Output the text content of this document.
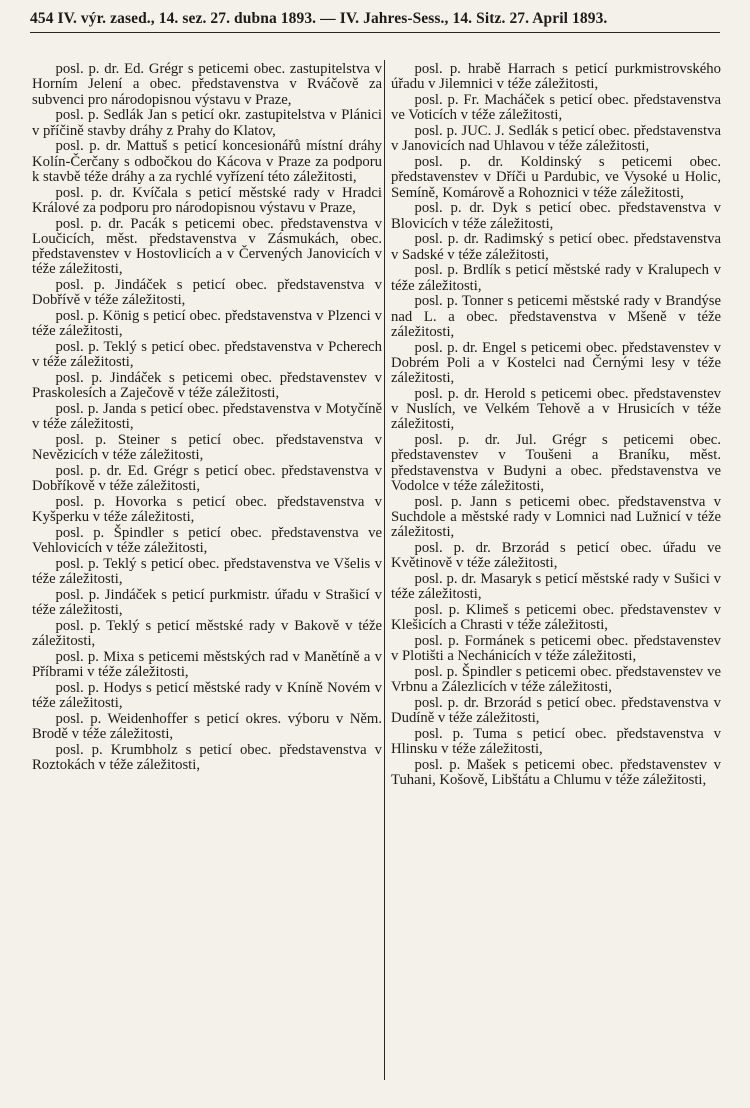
454 IV. výr. zased., 14. sez. 27. dubna 1893. — IV. Jahres-Sess., 14. Sitz. 27. April 1893.

posl. p. dr. Ed. Grégr s peticemi obec. zastupitelstva v Horním Jelení a obec. představenstva v Rváčově za subvenci pro národopisnou výstavu v Praze,

posl. p. Sedlák Jan s peticí okr. zastupitelstva v Plánici v příčině stavby dráhy z Prahy do Klatov,

posl. p. dr. Mattuš s peticí koncesionářů místní dráhy Kolín-Čerčany s odbočkou do Kácova v Praze za podporu k stavbě téže dráhy a za rychlé vyřízení této záležitosti,

posl. p. dr. Kvíčala s peticí městské rady v Hradci Králové za podporu pro národopisnou výstavu v Praze,

posl. p. dr. Pacák s peticemi obec. představenstva v Loučicích, měst. představenstva v Zásmukách, obec. představenstev v Hostovlicích a v Červených Janovicích v téže záležitosti,

posl. p. Jindáček s peticí obec. představenstva v Dobřívě v téže záležitosti,

posl. p. König s peticí obec. představenstva v Plzenci v téže záležitosti,

posl. p. Teklý s peticí obec. představenstva v Pcherech v téže záležitosti,

posl. p. Jindáček s peticemi obec. představenstev v Praskolesích a Zaječově v téže záležitosti,

posl. p. Janda s peticí obec. představenstva v Motyčíně v téže záležitosti,

posl. p. Steiner s peticí obec. představenstva v Nevězicích v téže záležitosti,

posl. p. dr. Ed. Grégr s peticí obec. představenstva v Dobříkově v téže záležitosti,

posl. p. Hovorka s peticí obec. představenstva v Kyšperku v téže záležitosti,

posl. p. Špindler s peticí obec. představenstva ve Vehlovicích v téže záležitosti,

posl. p. Teklý s peticí obec. představenstva ve Všelis v téže záležitosti,

posl. p. Jindáček s peticí purkmistr. úřadu v Strašicí v téže záležitosti,

posl. p. Teklý s peticí městské rady v Bakově v téže záležitosti,

posl. p. Mixa s peticemi městských rad v Manětíně a v Příbrami v téže záležitosti,

posl. p. Hodys s peticí městské rady v Kníně Novém v téže záležitosti,

posl. p. Weidenhoffer s peticí okres. výboru v Něm. Brodě v téže záležitosti,

posl. p. Krumbholz s peticí obec. představenstva v Roztokách v téže záležitosti,

posl. p. hrabě Harrach s peticí purkmistrovského úřadu v Jilemnici v téže záležitosti,

posl. p. Fr. Macháček s peticí obec. představenstva ve Voticích v téže záležitosti,

posl. p. JUC. J. Sedlák s peticí obec. představenstva v Janovicích nad Uhlavou v téže záležitosti,

posl. p. dr. Koldinský s peticemi obec. představenstev v Dříči u Pardubic, ve Vysoké u Holic, Semíně, Komárově a Rohoznici v téže záležitosti,

posl. p. dr. Dyk s peticí obec. představenstva v Blovicích v téže záležitosti,

posl. p. dr. Radimský s peticí obec. představenstva v Sadské v téže záležitosti,

posl. p. Brdlík s peticí městské rady v Kralupech v téže záležitosti,

posl. p. Tonner s peticemi městské rady v Brandýse nad L. a obec. představenstva v Mšeně v téže záležitosti,

posl. p. dr. Engel s peticemi obec. představenstev v Dobrém Poli a v Kostelci nad Černými lesy v téže záležitosti,

posl. p. dr. Herold s peticemi obec. představenstev v Nuslích, ve Velkém Tehově a v Hrusicích v téže záležitosti,

posl. p. dr. Jul. Grégr s peticemi obec. představenstev v Toušeni a Braníku, měst. představenstva v Budyni a obec. představenstva ve Vodolce v téže záležitosti,

posl. p. Jann s peticemi obec. představenstva v Suchdole a městské rady v Lomnici nad Lužnicí v téže záležitosti,

posl. p. dr. Brzorád s peticí obec. úřadu ve Květinově v téže záležitosti,

posl. p. dr. Masaryk s peticí městské rady v Sušici v téže záležitosti,

posl. p. Klimeš s peticemi obec. představenstev v Klešicích a Chrasti v téže záležitosti,

posl. p. Formánek s peticemi obec. představenstev v Plotišti a Nechánicích v téže záležitosti,

posl. p. Špindler s peticemi obec. představenstev ve Vrbnu a Zálezlicích v téže záležitosti,

posl. p. dr. Brzorád s peticí obec. představenstva v Dudíně v téže záležitosti,

posl. p. Tuma s peticí obec. představenstva v Hlinsku v téže záležitosti,

posl. p. Mašek s peticemi obec. představenstev v Tuhani, Košově, Libštátu a Chlumu v téže záležitosti,
